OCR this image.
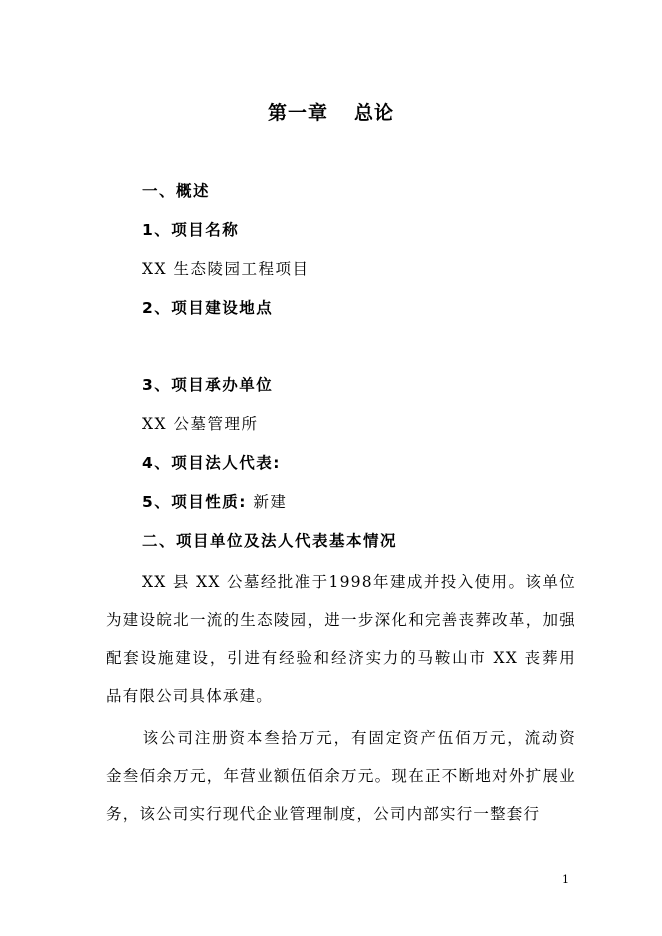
第一章 总论
一、概述
1、项目名称
XX 生态陵园工程项目
2、项目建设地点
3、项目承办单位
XX 公墓管理所
4、项目法人代表:
5、项目性质: 新建
二、项目单位及法人代表基本情况
XX 县 XX 公墓经批准于1998年建成并投入使用。该单位为建设皖北一流的生态陵园，进一步深化和完善丧葬改革，加强配套设施建设，引进有经验和经济实力的马鞍山市 XX 丧葬用品有限公司具体承建。
该公司注册资本叁拾万元，有固定资产伍佰万元，流动资金叁佰余万元，年营业额伍佰余万元。现在正不断地对外扩展业务，该公司实行现代企业管理制度，公司内部实行一整套行
1
